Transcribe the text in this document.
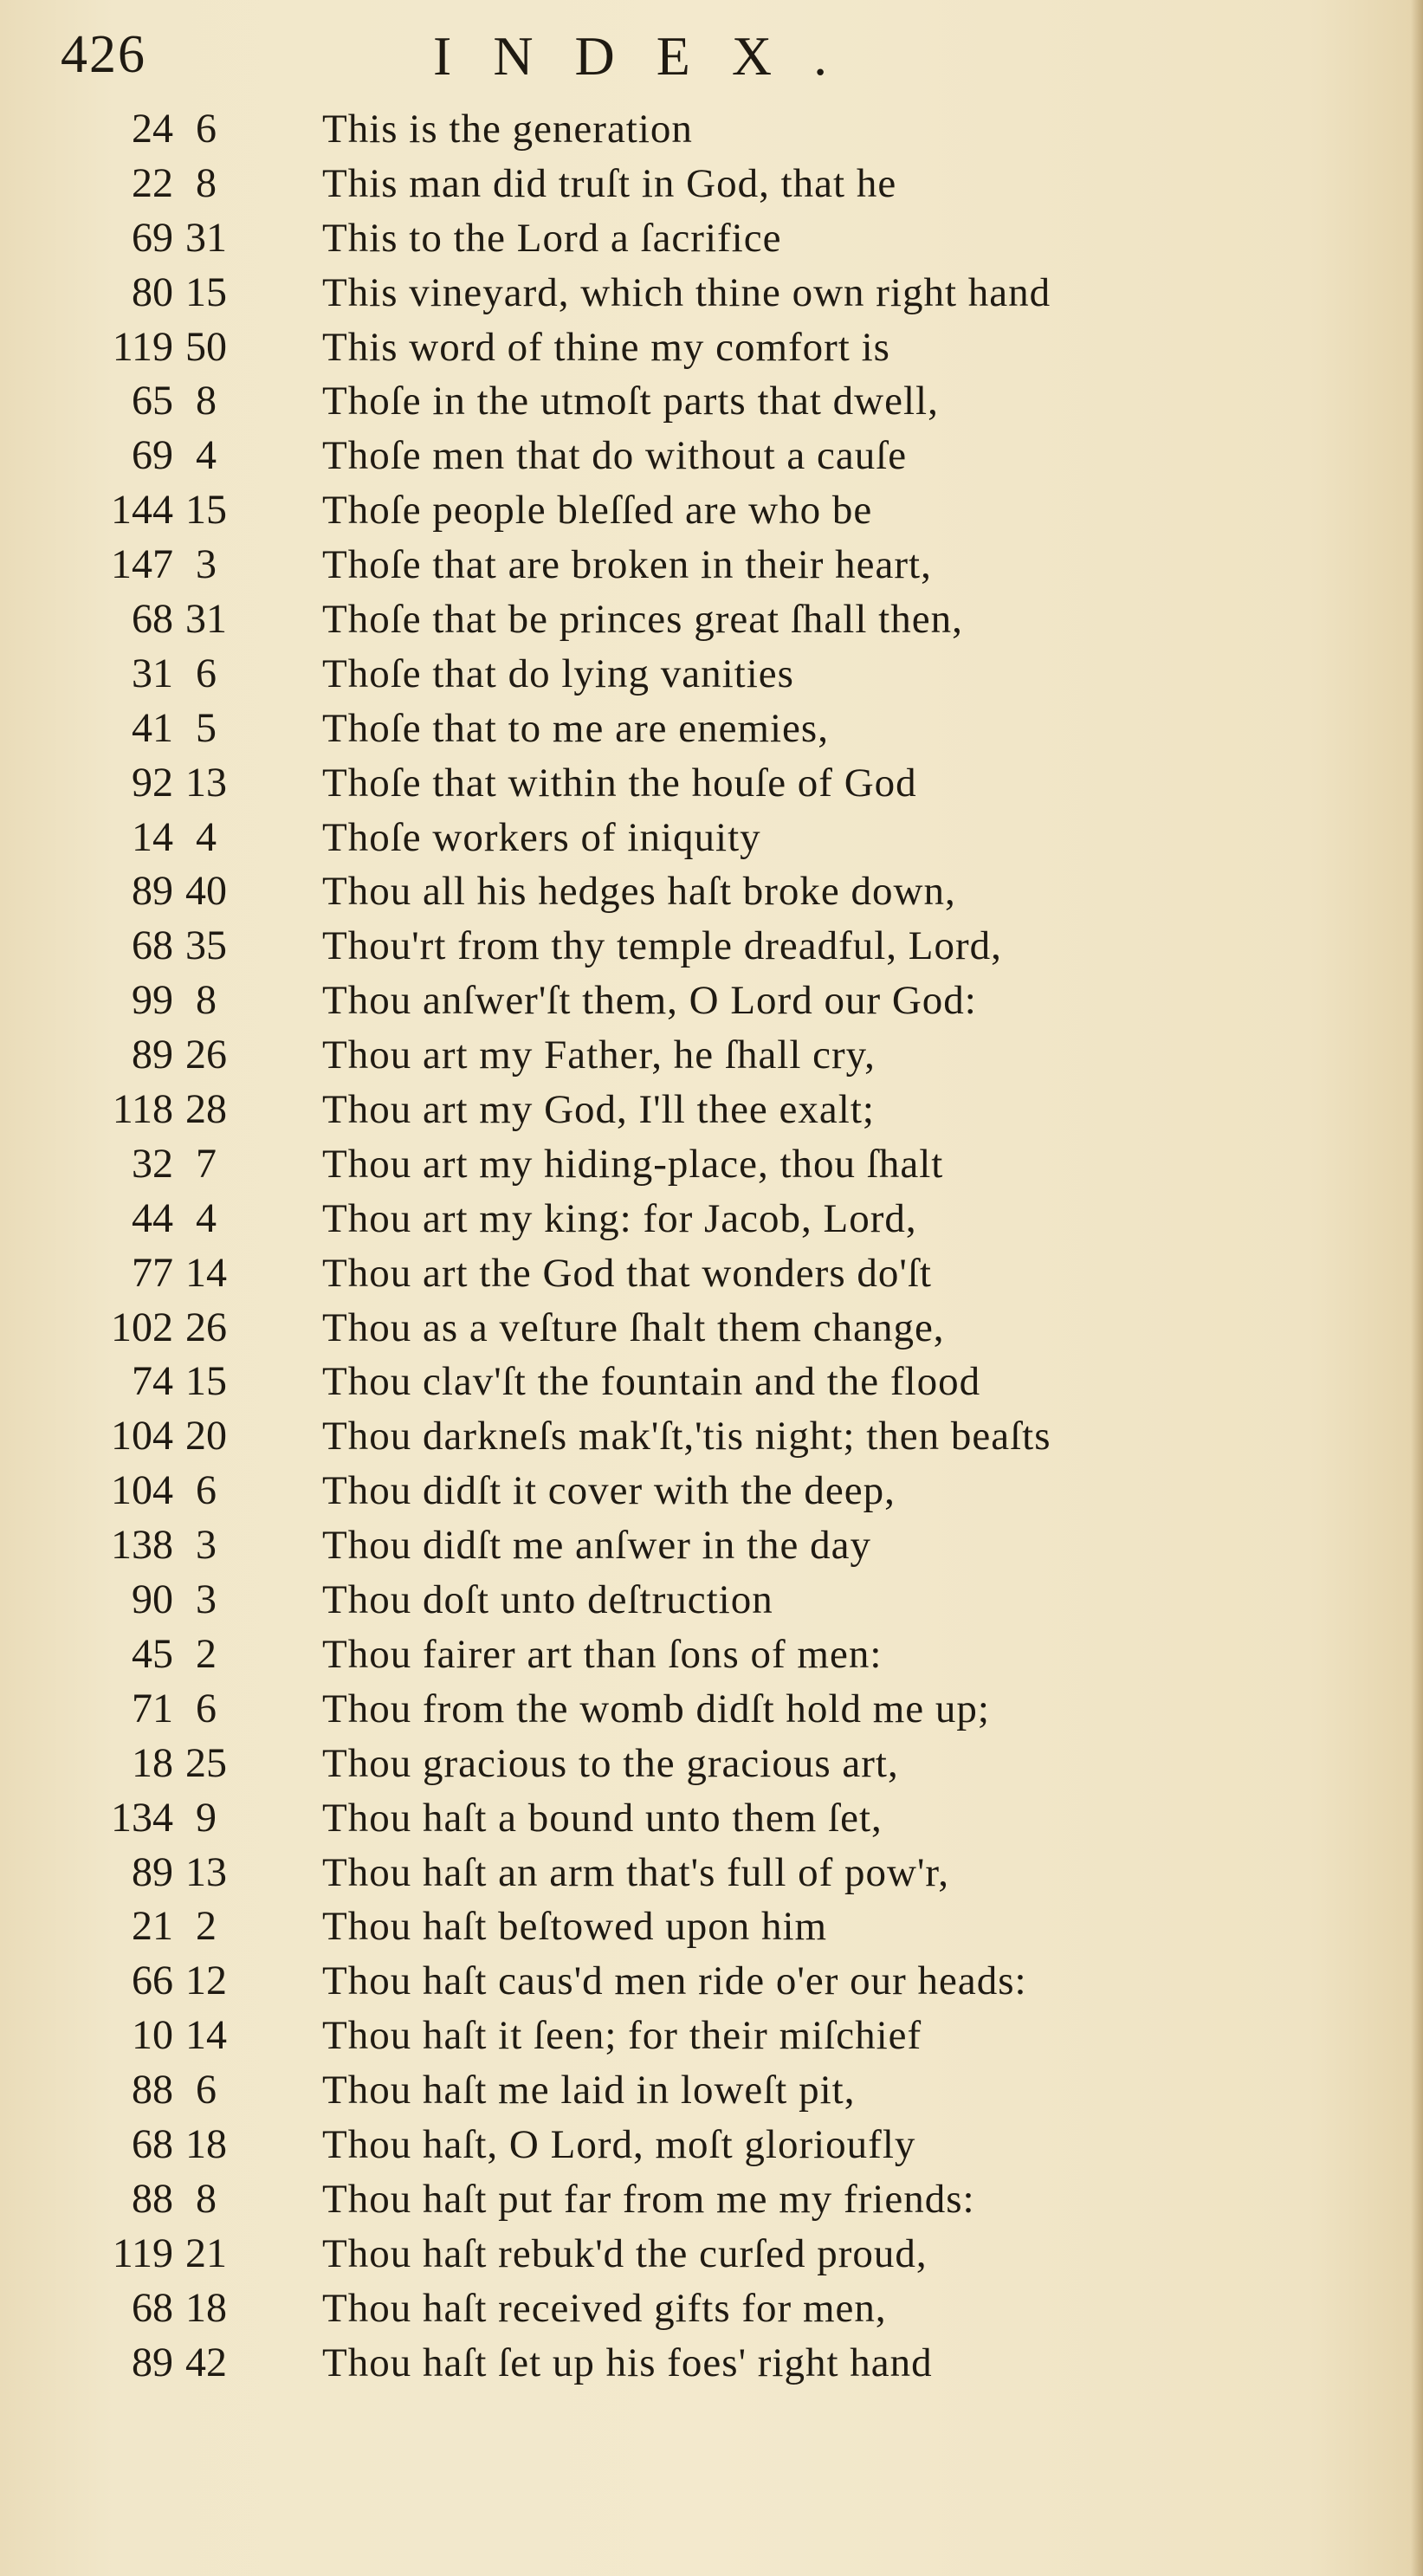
426	INDEX.
24 6	This is the generation
22 8	This man did truſt in God, that he
69 31 This to the Lord a ſacrifice
80 15 This vineyard, which thine own right hand
119 50 This word of thine my comfort is
65 8	Thoſe in the utmoſt parts that dwell,
69 4	Thoſe men that do without a cauſe
144 15 Thoſe people bleſſed are who be
147 3	Thoſe that are broken in their heart,
68 31 Thoſe that be princes great ſhall then,
31 6	Thoſe that do lying vanities
41 5	Thoſe that to me are enemies,
92 13 Thoſe that within the houſe of God
14 4	Thoſe workers of iniquity
89 40 Thou all his hedges haſt broke down,
68 35 Thou'rt from thy temple dreadful, Lord,
99 8	Thou anſwer'ſt them, O Lord our God:
89 26 Thou art my Father, he ſhall cry,
118 28 Thou art my God, I'll thee exalt;
32 7	Thou art my hiding-place, thou ſhalt
44 4	Thou art my king: for Jacob, Lord,
77 14 Thou art the God that wonders do'ſt
102 26 Thou as a veſture ſhalt them change,
74 15 Thou clav'ſt the fountain and the flood
104 20 Thou darkneſs mak'ſt,'tis night; then beaſts
104 6	Thou didſt it cover with the deep,
138 3	Thou didſt me anſwer in the day
90 3	Thou doſt unto deſtruction
45 2	Thou fairer art than ſons of men:
71 6	Thou from the womb didſt hold me up;
18 25 Thou gracious to the gracious art,
134 9	Thou haſt a bound unto them ſet,
89 13 Thou haſt an arm that's full of pow'r,
21 2	Thou haſt beſtowed upon him
66 12 Thou haſt caus'd men ride o'er our heads:
10 14 Thou haſt it ſeen; for their miſchief
88 6	Thou haſt me laid in loweſt pit,
68 18 Thou haſt, O Lord, moſt glorioufly
88 8	Thou haſt put far from me my friends:
119 21 Thou haſt rebuk'd the curſed proud,
68 18 Thou haſt received gifts for men,
89 42 Thou haſt ſet up his foes' right hand
